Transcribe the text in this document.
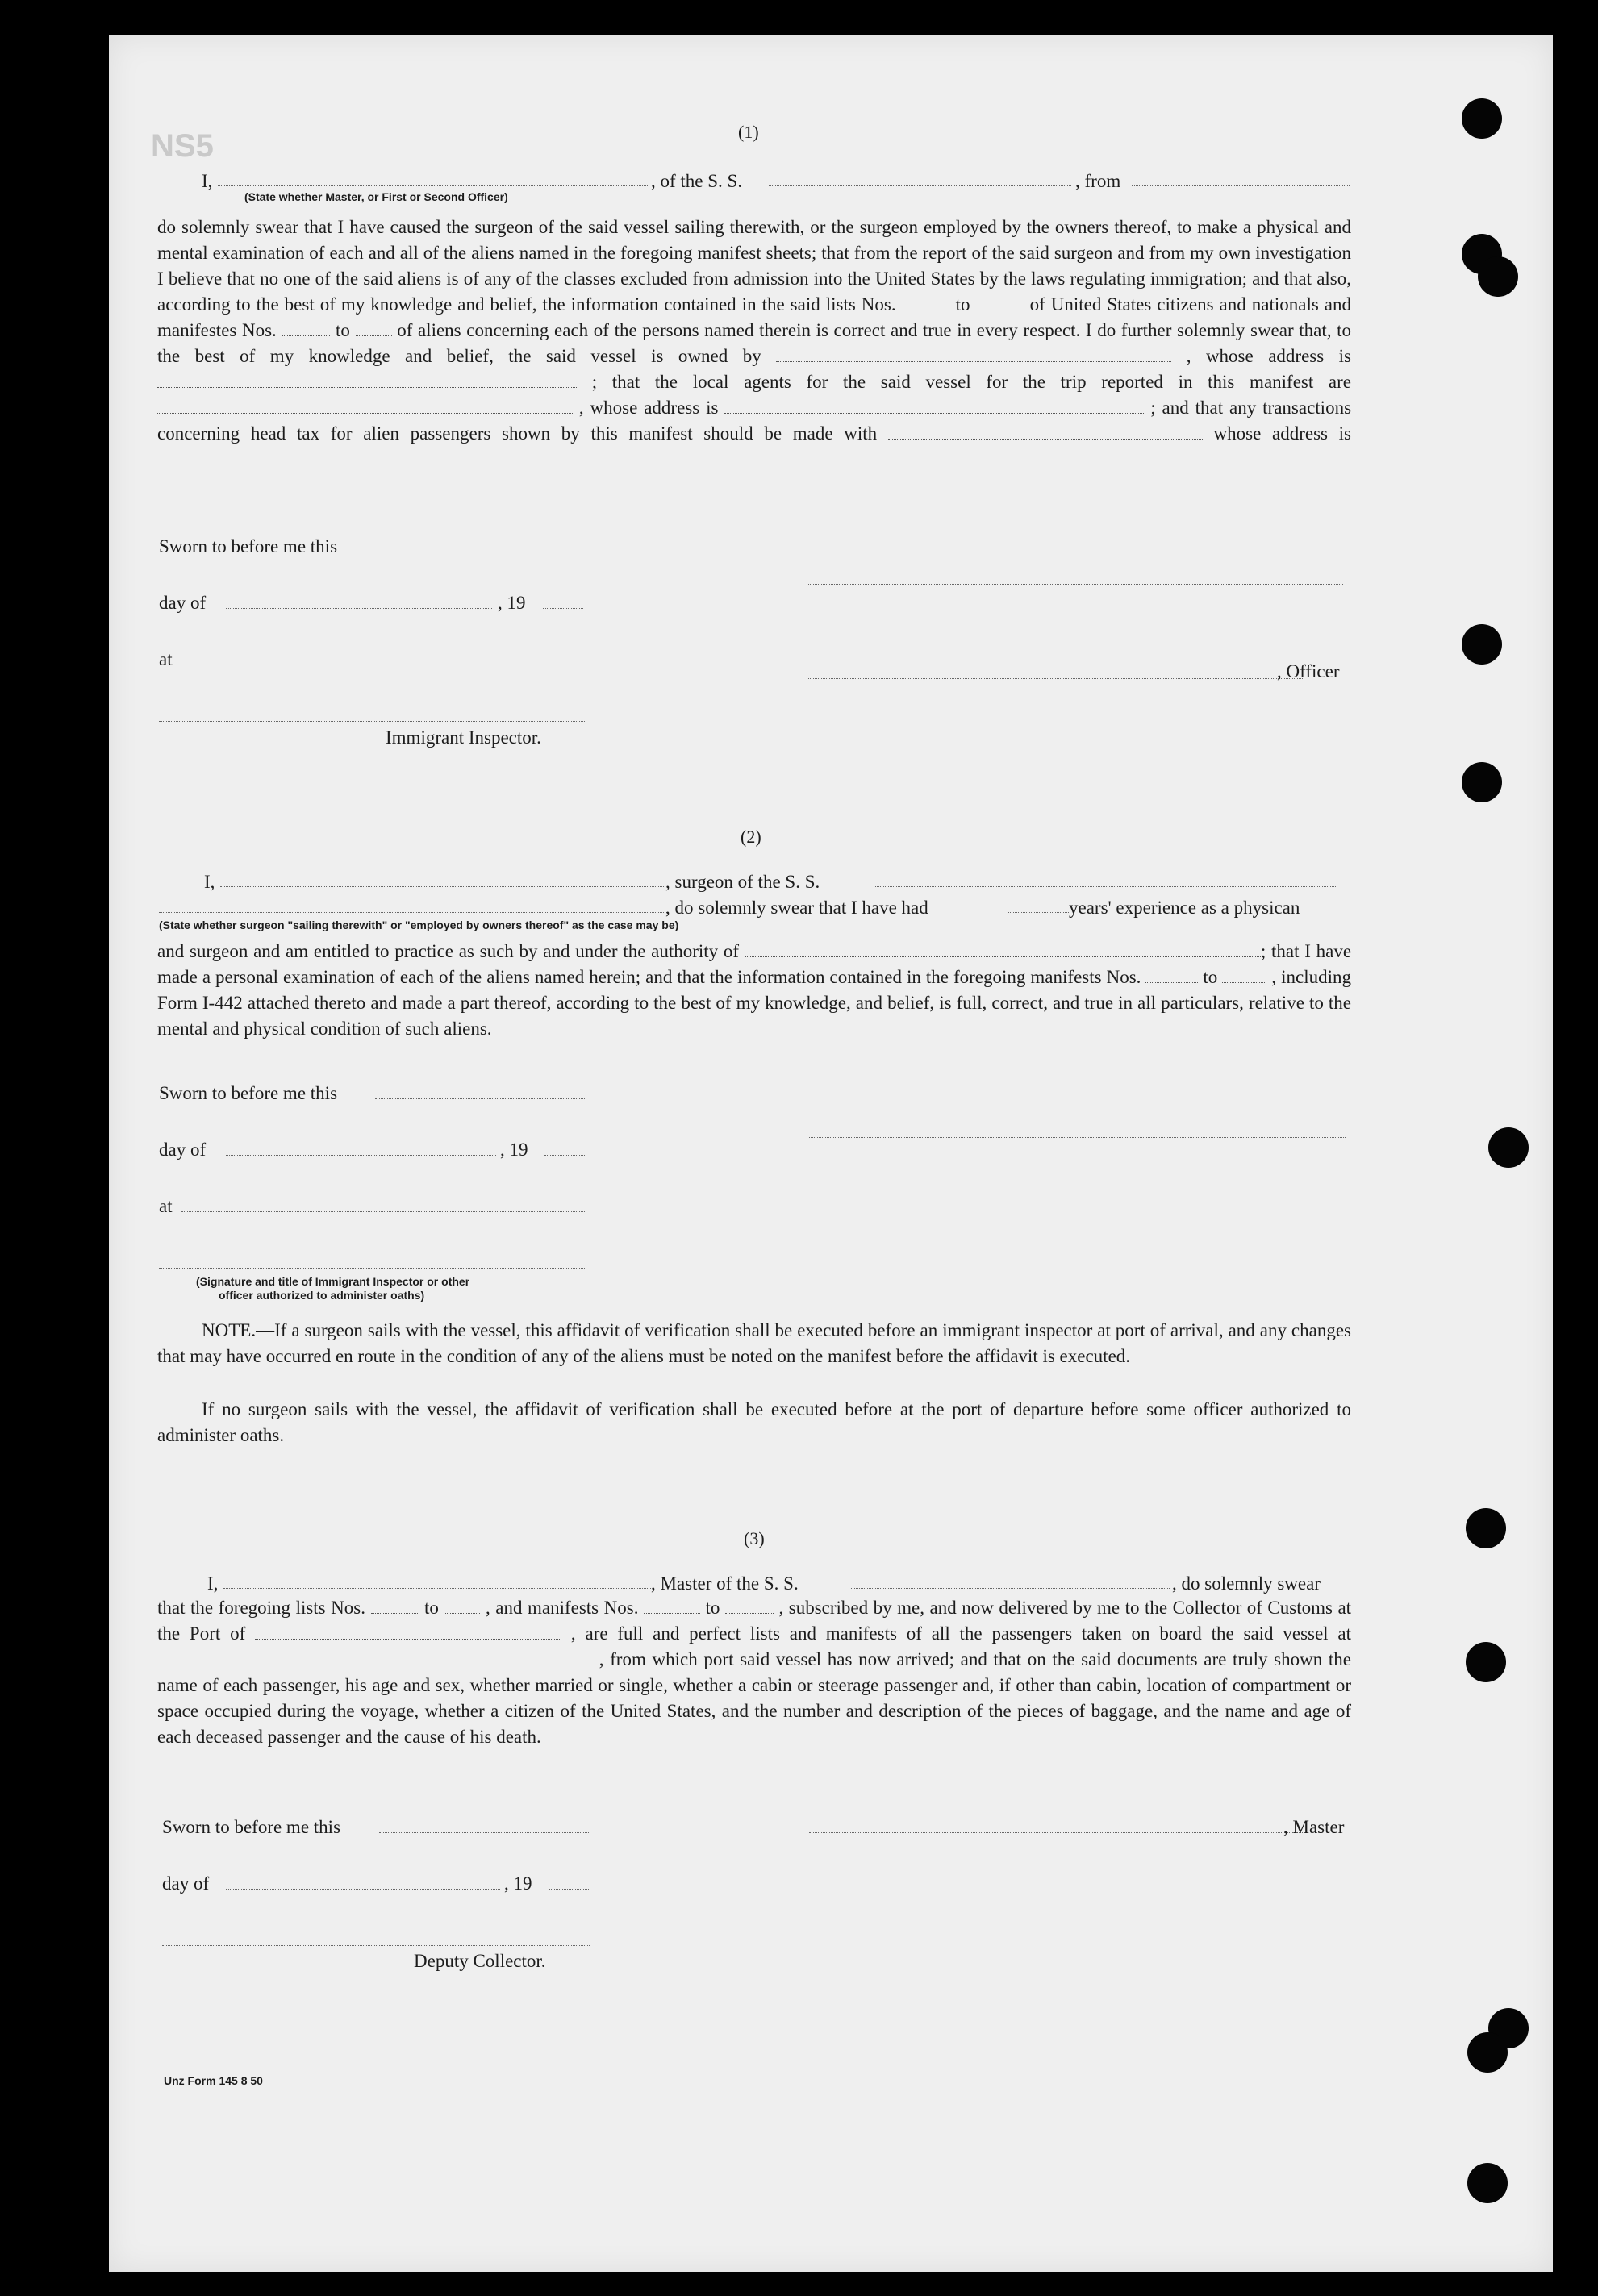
NS5	(1)
I,
(State whether Master, or First or Second Officer)
, of the S. S.	, from
do solemnly swear that I have caused the surgeon of the said vessel sailing therewith, or the surgeon employed by the owners thereof, to make a physical and mental examination of each and all of the aliens named in the foregoing manifest sheets; that from the report of the said surgeon and from my own investigation I believe that no one of the said aliens is of any of the classes excluded from admission into the United States by the laws regulating immigration; and that also, according to the best of my knowledge and belief, the information contained in the said lists Nos.	to	of United States citizens and nationals and manifestes Nos.	to	of aliens concerning each of the persons named therein is correct and true in every respect. I do further solemnly swear that, to the best of my knowledge and belief, the said vessel is owned by	, whose address is  ; that the local agents for the said vessel for the trip reported in this manifest are  , whose address is	; and that any transactions concerning head tax for alien passengers shown by this manifest should be made with	whose address is
Sworn to before me this
day of	, 19
at
, Officer
Immigrant Inspector.
(2)
I,	, surgeon of the S. S.
, do solemnly swear that I have had	years' experience as a physican
(State whether surgeon "sailing therewith" or "employed by owners thereof" as the case may be)
and surgeon and am entitled to practice as such by and under the authority of	; that I have made a personal examination of each of the aliens named herein; and that the information contained in the foregoing manifests Nos.	to	, including Form I-442 attached thereto and made a part thereof, according to the best of my knowledge, and belief, is full, correct, and true in all particulars, relative to the mental and physical condition of such aliens.
Sworn to before me this
day of	, 19
at
(Signature and title of Immigrant Inspector or other
officer authorized to administer oaths)
NOTE.—If a surgeon sails with the vessel, this affidavit of verification shall be executed before an immigrant inspector at port of arrival, and any changes that may have occurred en route in the condition of any of the aliens must be noted on the manifest before the affidavit is executed.
If no surgeon sails with the vessel, the affidavit of verification shall be executed before at the port of departure before some officer authorized to administer oaths.
(3)
I,	, Master of the S. S.	, do solemnly swear
that the foregoing lists Nos.	to	, and manifests Nos.	to	, subscribed by me, and now delivered by me to the Collector of Customs at the Port of	, are full and perfect lists and manifests of all the passengers taken on board the said vessel at  , from which port said vessel has now arrived; and that on the said documents are truly shown the name of each passenger, his age and sex, whether married or single, whether a cabin or steerage passenger and, if other than cabin, location of compartment or space occupied during the voyage, whether a citizen of the United States, and the number and description of the pieces of baggage, and the name and age of each deceased passenger and the cause of his death.
Sworn to before me this	, Master
day of	, 19
Deputy Collector.
Unz Form 145 8 50
